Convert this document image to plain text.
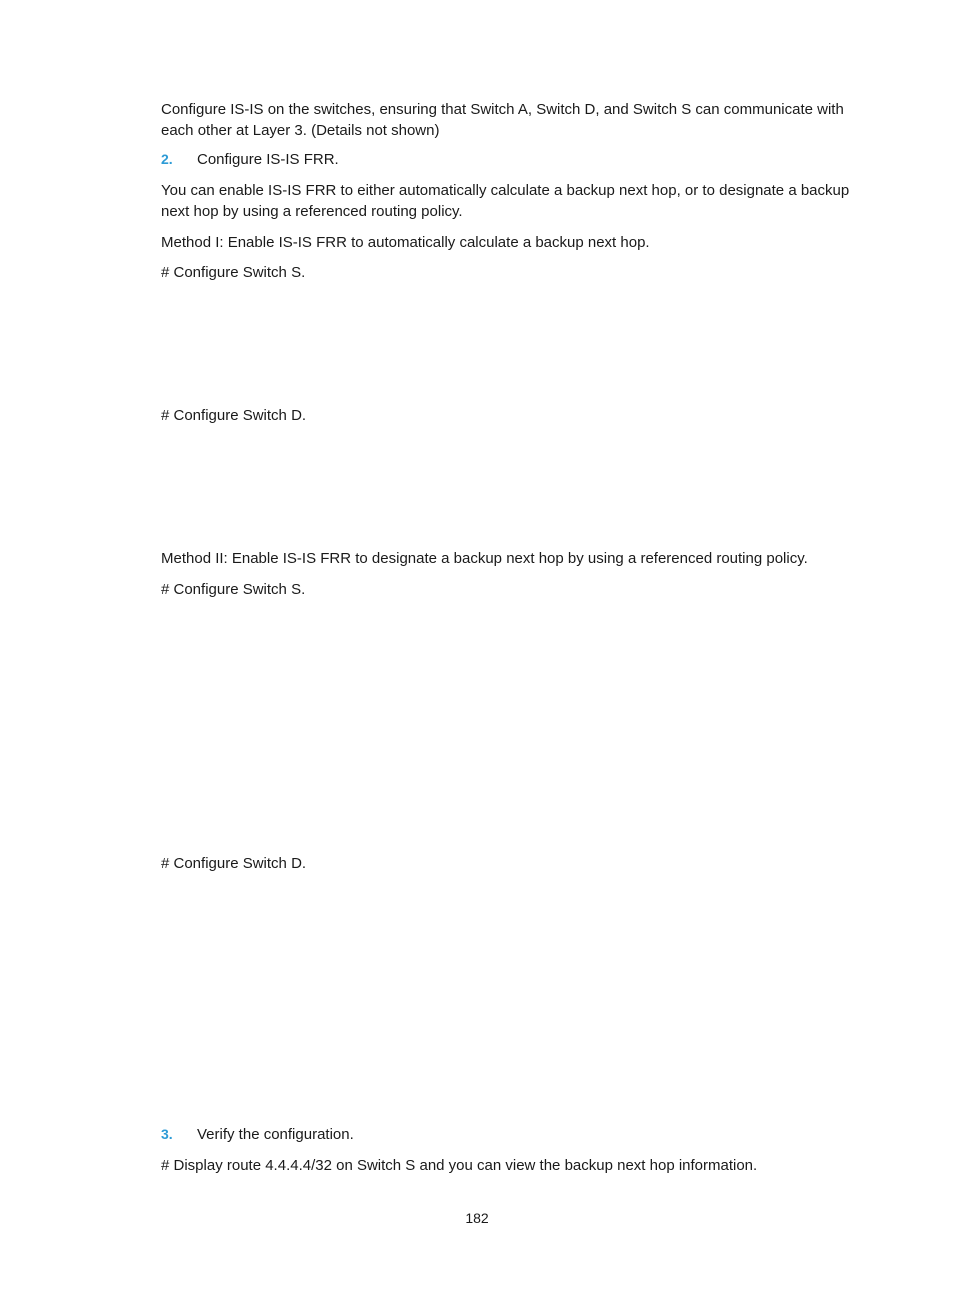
Configure IS-IS on the switches, ensuring that Switch A, Switch D, and Switch S can communicate with each other at Layer 3. (Details not shown)

2. Configure IS-IS FRR.

You can enable IS-IS FRR to either automatically calculate a backup next hop, or to designate a backup next hop by using a referenced routing policy.

Method I: Enable IS-IS FRR to automatically calculate a backup next hop.

# Configure Switch S.

# Configure Switch D.

Method II: Enable IS-IS FRR to designate a backup next hop by using a referenced routing policy.

# Configure Switch S.

# Configure Switch D.

3. Verify the configuration.

# Display route 4.4.4.4/32 on Switch S and you can view the backup next hop information.

182
